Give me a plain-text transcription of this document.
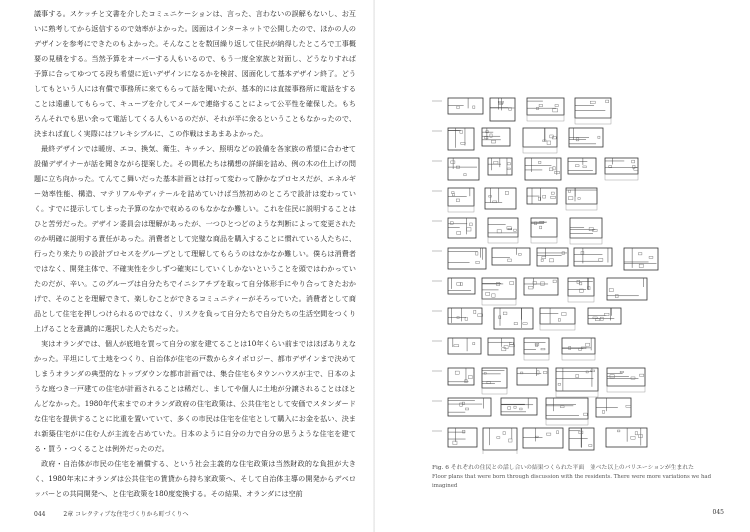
議事する。スケッチと文書を介したコミュニケーションは、言った、言わないの誤解もないし、お互いに熟考してから返信するので効率がよかった。図面はインターネットで公開したので、ほかの人のデザインを参考にできたのもよかった。そんなことを数回繰り返して住民が納得したところで工事概要の見積をする。当然予算をオーバーする人もいるので、もう一度全家族と対面し、どうなりすれば予算に合ってゆつてる段ち希望に近いデザインになるかを検討、図面化して基本デザイン終了。どうしてもという人には有償で事務所に来てもらって話を聞いたが、基本的には直接事務所に電話をすることは遠慮してもらって、キューブを介してメールで連絡することによって公平性を確保した。もちろんそれでも思い余って電話してくる人もいるのだが、それが半に余るということもなかったので、決まれば直しく実際にはフレキシブルに、この作戦はまあまあよかった。

最終デザインでは暖房、エコ、換気、衛生、キッチン、照明などの設備を各家族の希望に合わせて設備デザイナーが話を聞きながら提案した。その間私たちは構想の詳細を詰め、例の木の仕上げの問題に立ち向かった。てんてこ舞いだった基本計画とは打って変わって静かなプロセスだが、エネルギー効率性能、構造、マテリアルやディテールを詰めていけば当然初めのところで設計は変わっていく。すでに提示してしまった予算のなかで収めるのもなかなか難しい。これを住民に説明することはひと苦労だった。デザイン委員会は理解があったが、一つひとつどのような判断によって変更されたのか明確に説明する責任があった。消費者として完璧な商品を購入することに慣れている人たちに、行ったり来たりの設計プロセスをグループとして理解してもらうのはなかなか難しい。僕らは消費者ではなく、開発主体で、不確実性を少しずつ確実にしていくしかないということを頭ではわかっていたのだが、辛い。このグループは自分たちでイニシアチブを取って自分体形手にやり合ってきたおかげで、そのことを理解できて、楽しむことができるコミュニティーがそろっていた。消費者として商品として住宅を押しつけられるのではなく、リスクを負って自分たちで自分たちの生活空間をつくり上げることを意識的に選択した人たちだった。

実はオランダでは、個人が底地を買って自分の家を建てることは10年くらい前まではほぼありえなかった。平坦にして土地をつくり、自治体が住宅の戸数からタイポロジー、都市デザインまで決めてしまうオランダの典型的なトップダウンな都市計画では、集合住宅もタウンハウスが主で、日本のような庭つき一戸建ての住宅が計画されることは稀だし、ましてや個人に土地が分譲されることはほとんどなかった。1980年代末までのオランダ政府の住宅政策は、公共住宅として安価でスタンダードな住宅を提供することに比重を置いていて、多くの市民は住宅を住宅として購入にお金を払い、決まれ新築住宅がに住む人が主流を占めていた。日本のように自分の力で自分の思うような住宅を建てる・買う・つくることは例外だったのだ。

政府・自治体が市民の住宅を補償する、という社会主義的な住宅政策は当然財政的な負担が大きく、1980年末にオランダは公共住宅の賃貸から持ち家政策へ、そして自治体主導の開発からデベロッパーとの共同開発へ、と住宅政策を180度変換する。その結果、オランダには空前

044	2章 コレクティブな住宅づくりから町づくりへ
Fig. 6 それぞれの住民との話し合いの結果つくられた平面　並べた以上のバリエーションが生まれた
Floor plans that were born through discussion with the residents. There were more variations we had imagined
045
